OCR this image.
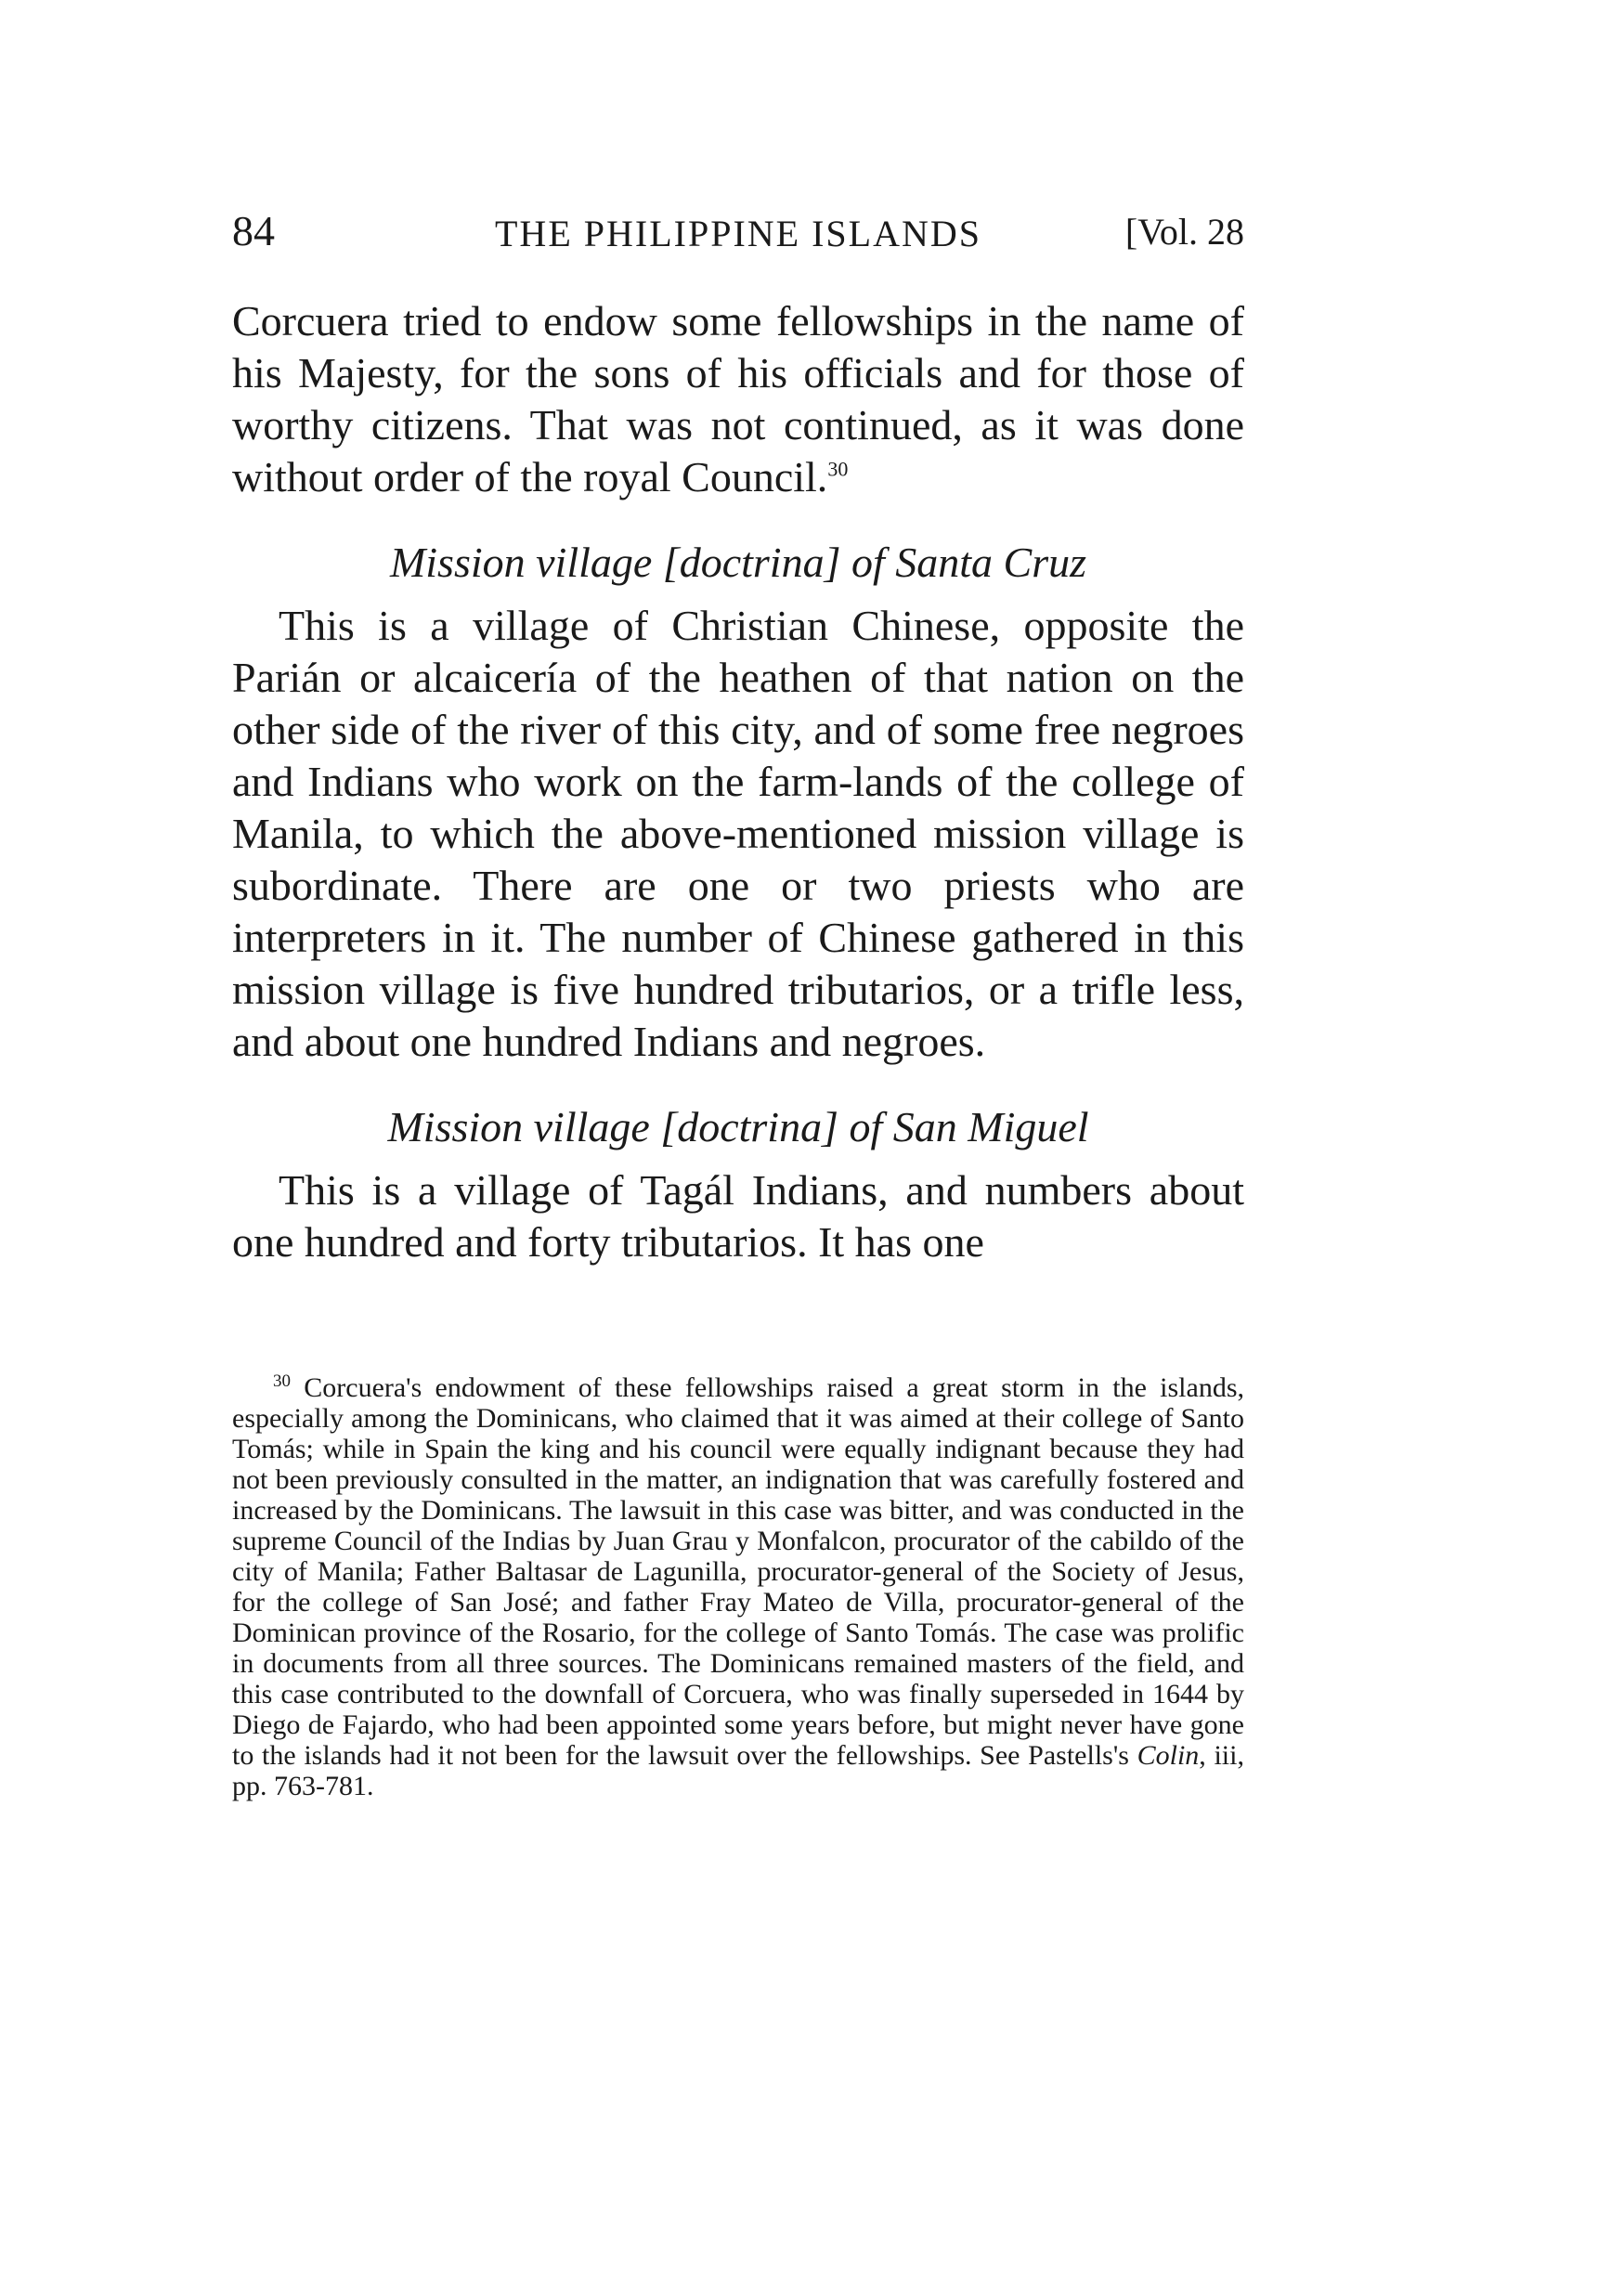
84	THE PHILIPPINE ISLANDS	[Vol. 28

Corcuera tried to endow some fellowships in the name of his Majesty, for the sons of his officials and for those of worthy citizens. That was not continued, as it was done without order of the royal Council.$^{30}$

Mission village [doctrina] of Santa Cruz

This is a village of Christian Chinese, opposite the Parián or alcaicería of the heathen of that nation on the other side of the river of this city, and of some free negroes and Indians who work on the farm-lands of the college of Manila, to which the above-mentioned mission village is subordinate. There are one or two priests who are interpreters in it. The number of Chinese gathered in this mission village is five hundred tributarios, or a trifle less, and about one hundred Indians and negroes.

Mission village [doctrina] of San Miguel

This is a village of Tagál Indians, and numbers about one hundred and forty tributarios. It has one

$^{30}$ Corcuera's endowment of these fellowships raised a great storm in the islands, especially among the Dominicans, who claimed that it was aimed at their college of Santo Tomás; while in Spain the king and his council were equally indignant because they had not been previously consulted in the matter, an indignation that was carefully fostered and increased by the Dominicans. The lawsuit in this case was bitter, and was conducted in the supreme Council of the Indias by Juan Grau y Monfalcon, procurator of the cabildo of the city of Manila; Father Baltasar de Lagunilla, procurator-general of the Society of Jesus, for the college of San José; and father Fray Mateo de Villa, procurator-general of the Dominican province of the Rosario, for the college of Santo Tomás. The case was prolific in documents from all three sources. The Dominicans remained masters of the field, and this case contributed to the downfall of Corcuera, who was finally superseded in 1644 by Diego de Fajardo, who had been appointed some years before, but might never have gone to the islands had it not been for the lawsuit over the fellowships. See Pastells's Colin, iii, pp. 763-781.
